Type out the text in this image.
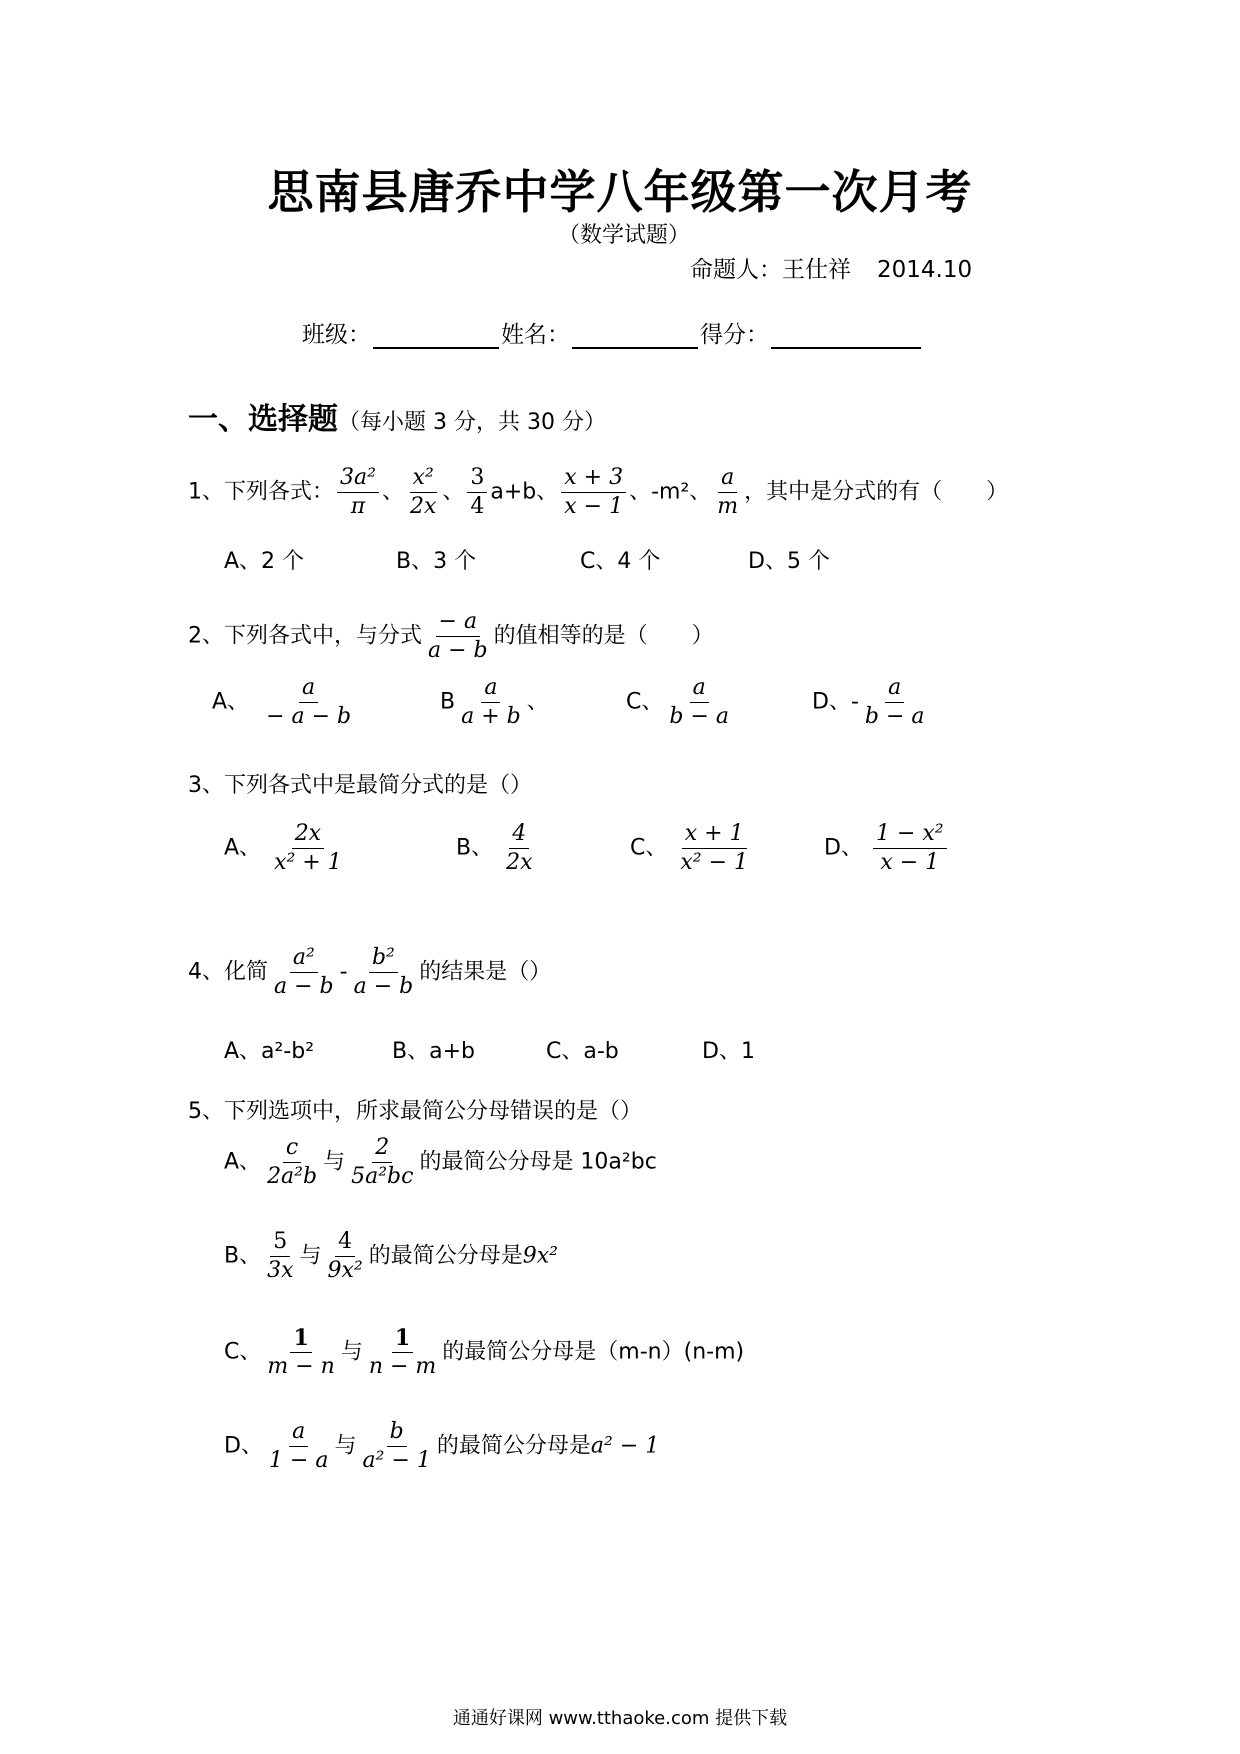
思南县唐乔中学八年级第一次月考
（数学试题）
命题人：王仕祥 2014.10
班级：	姓名：	得分：
一、选择题（每小题 3 分，共 30 分）
1、下列各式： $\frac{\text{3a²}}{\pi}$ 、 $\frac{\text{x²}}{2x}$ 、 $\frac{3}{4} a+b$、 $\frac{x + 3}{x - 1}$ 、-m²、 $\frac{a}{m}$ ，其中是分式的有（　　）
A、2 个	B、3 个	C、4 个	D、5 个
2、下列各式中，与分式 $\frac{- a}{a - b}$ 的值相等的是（　　）
A、 $\frac{a}{- a - b}$	B $\frac{a}{a + b}$ 、	C、 $\frac{a}{b - a}$	D、- $\frac{a}{b - a}$
3、下列各式中是最简分式的是（）
A、 $\frac{2x}{\text{x² + 1}}$	B、 $\frac{4}{2x}$	C、 $\frac{x + 1}{\text{x² − 1}}$	D、 $\frac{\text{1 − x²}}{x - 1}$
4、化简 $\frac{\text{a²}}{a - b} - \frac{\text{b²}}{a - b}$ 的结果是（）
A、a²-b²	B、a+b	C、a-b	D、1
5、下列选项中，所求最简公分母错误的是（）
A、 $\frac{c}{\text{2a²b}}$ 与 $\frac{2}{\text{5a²bc}}$ 的最简公分母是 10a²bc
B、 $\frac{5}{3x}$ 与 $\frac{4}{\text{9x²}}$ 的最简公分母是9x²
C、 $\frac{1}{m - n}$ 与 $\frac{1}{n - m}$ 的最简公分母是（m-n）(n-m)
D、 $\frac{a}{1 - a}$ 与 $\frac{b}{\text{a² − 1}}$ 的最简公分母是a² − 1
通通好课网 www.tthaoke.com 提供下载
